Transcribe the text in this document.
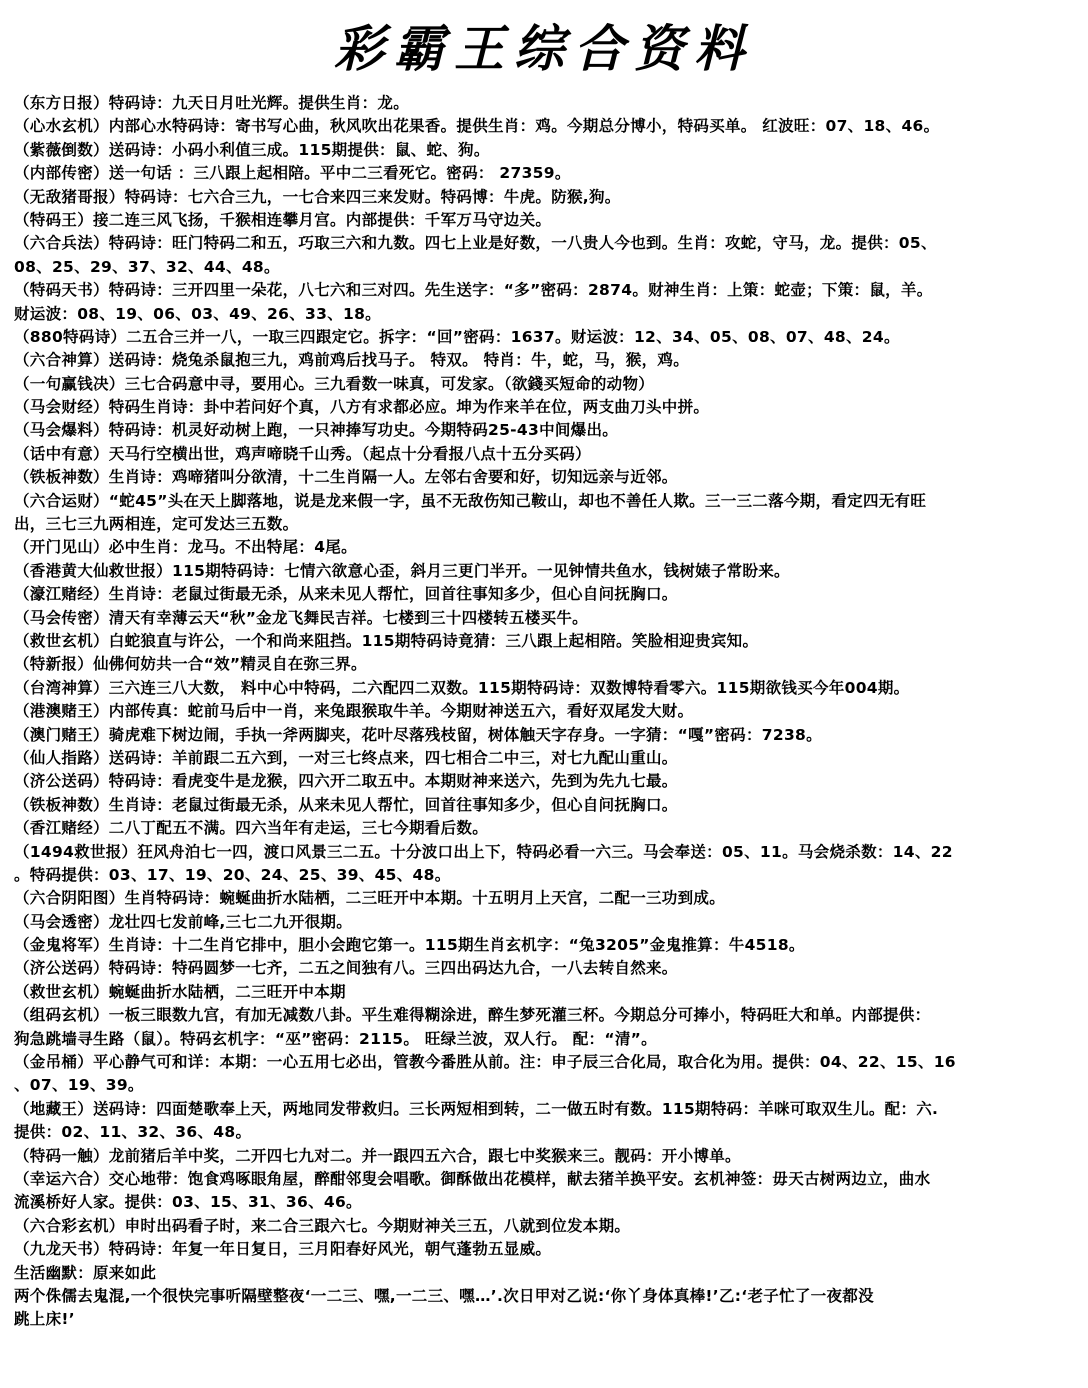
彩霸王综合资料
（东方日报）特码诗：九天日月吐光辉。提供生肖：龙。
（心水玄机）内部心水特码诗：寄书写心曲，秋风吹出花果香。提供生肖：鸡。今期总分博小，特码买单。 红波旺：07、18、46。
（紫薇倒数）送码诗：小码小利值三成。115期提供：鼠、蛇、狗。
（内部传密）送一句话 ：三八跟上起相陪。平中二三看死它。密码： 27359。
（无敌猪哥报）特码诗：七六合三九，一七合来四三来发财。特码博：牛虎。防猴,狗。
（特码王）接二连三风飞扬，千猴相连攀月宫。内部提供：千军万马守边关。
（六合兵法）特码诗：旺门特码二和五，巧取三六和九数。四七上业是好数，一八贵人今也到。生肖：攻蛇，守马，龙。提供：05、
08、25、29、37、32、44、48。
（特码天书）特码诗：三开四里一朵花，八七六和三对四。先生送字：“多”密码：2874。财神生肖：上策：蛇壶；下策：鼠，羊。
财运波：08、19、06、03、49、26、33、18。
（880特码诗）二五合三并一八，一取三四跟定它。拆字：“回”密码：1637。财运波：12、34、05、08、07、48、24。
（六合神算）送码诗：烧兔杀鼠抱三九，鸡前鸡后找马子。 特双。 特肖：牛，蛇，马，猴，鸡。
（一句赢钱决）三七合码意中寻，要用心。三九看数一味真，可发家。（欲錢买短命的动物）
（马会财经）特码生肖诗：卦中若问好个真，八方有求都必应。坤为作来羊在位，两支曲刀头中拼。
（马会爆料）特码诗：机灵好动树上跑，一只神捧写功史。今期特码25-43中间爆出。
（话中有意）天马行空横出世，鸡声啼晓千山秀。（起点十分看报八点十五分买码）
（铁板神数）生肖诗：鸡啼猪叫分欲清，十二生肖隔一人。左邻右舍要和好，切知远亲与近邻。
（六合运财）“蛇45”头在天上脚落地，说是龙来假一字，虽不无敌伤知己鞍山，却也不善任人欺。三一三二落今期，看定四无有旺
出，三七三九两相连，定可发达三五数。
（开门见山）必中生肖：龙马。不出特尾：4尾。
（香港黄大仙救世报）115期特码诗：七情六欲意心歪，斜月三更门半开。一见钟情共鱼水，钱树婊子常盼来。
（濠江赌经）生肖诗：老鼠过街最无杀，从来未见人帮忙，回首往事知多少，但心自问抚胸口。
（马会传密）清天有幸薄云天“秋”金龙飞舞民吉祥。七楼到三十四楼转五楼买牛。
（救世玄机）白蛇狼直与许公，一个和尚来阻挡。115期特码诗竟猜：三八跟上起相陪。笑脸相迎贵宾知。
（特新报）仙佛何妨共一合“效”精灵自在弥三界。
（台湾神算）三六连三八大数， 料中心中特码，二六配四二双数。115期特码诗：双数博特看零六。115期欲钱买今年004期。
（港澳赌王）内部传真：蛇前马后中一肖，来兔跟猴取牛羊。今期财神送五六，看好双尾发大财。
（澳门赌王）骑虎难下树边闹，手执一斧两脚夹，花叶尽落残枝留，树体触天字存身。一字猜：“嘎”密码：7238。
（仙人指路）送码诗：羊前跟二五六到，一对三七终点来，四七相合二中三，对七九配山重山。
（济公送码）特码诗：看虎变牛是龙猴，四六开二取五中。本期财神来送六，先到为先九七最。
（铁板神数）生肖诗：老鼠过街最无杀，从来未见人帮忙，回首往事知多少，但心自问抚胸口。
（香江赌经）二八丁配五不满。四六当年有走运，三七今期看后数。
（1494救世报）狂风舟泊七一四，渡口风景三二五。十分波口出上下，特码必看一六三。马会奉送：05、11。马会烧杀数：14、22
。特码提供：03、17、19、20、24、25、39、45、48。
（六合阴阳图）生肖特码诗：蜿蜒曲折水陆栖，二三旺开中本期。十五明月上天宫，二配一三功到成。
（马会透密）龙壮四七发前峰,三七二九开很期。
（金鬼将军）生肖诗：十二生肖它排中，胆小会跑它第一。115期生肖玄机字：“兔3205”金鬼推算：牛4518。
（济公送码）特码诗：特码圆梦一七齐，二五之间独有八。三四出码达九合，一八去转自然来。
（救世玄机）蜿蜒曲折水陆栖，二三旺开中本期
（组码玄机）一板三眼数九宫，有加无减数八卦。平生难得糊涂进，醉生梦死灌三杯。今期总分可捧小，特码旺大和单。内部提供：
狗急跳墙寻生路（鼠）。特码玄机字：“巫”密码：2115。 旺绿兰波，双人行。 配：“清”。
（金吊桶）平心静气可和详：本期：一心五用七必出，管教今番胜从前。注：申子辰三合化局，取合化为用。提供：04、22、15、16
、07、19、39。
（地藏王）送码诗：四面楚歌奉上天，两地同发带救归。三长两短相到转，二一做五时有数。115期特码：羊咪可取双生儿。配：六.
提供：02、11、32、36、48。
（特码一触）龙前猪后羊中奖，二开四七九对二。并一跟四五六合，跟七中奖猴来三。靓码：开小博单。
（幸运六合）交心地带：饱食鸡啄眼角屋，醉酣邻叟会唱歌。御酥做出花模样，献去猪羊换平安。玄机神签：毋天古树两边立，曲水
流溪桥好人家。提供：03、15、31、36、46。
（六合彩玄机）申时出码看子时，来二合三跟六七。今期财神关三五，八就到位发本期。
（九龙天书）特码诗：年复一年日复日，三月阳春好风光，朝气蓬勃五显威。
生活幽默：原来如此
两个侏儒去鬼混,一个很快完事听隔壁整夜‘一二三、嘿,一二三、嘿…’.次日甲对乙说:‘你丫身体真棒!’乙:‘老子忙了一夜都没
跳上床!’
